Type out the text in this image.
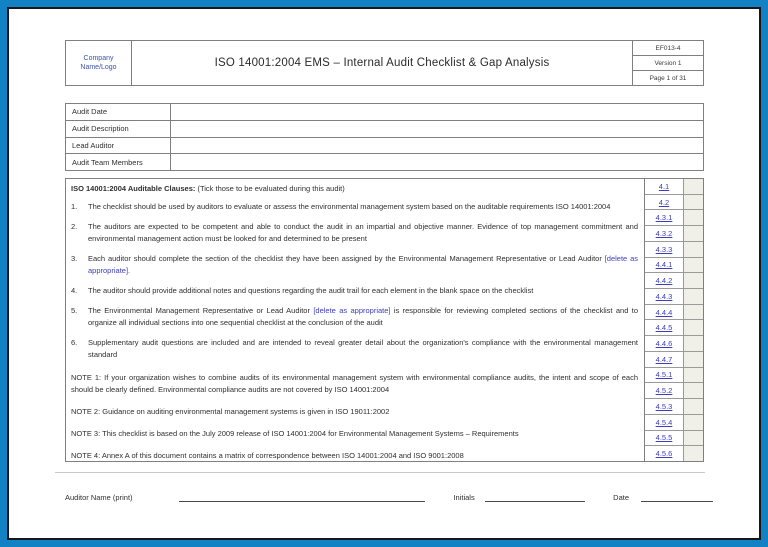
Company Name/Logo	ISO 14001:2004 EMS – Internal Audit Checklist & Gap Analysis
EF013-4
Version 1
Page 1 of 31
Audit Date
Audit Description
Lead Auditor
Audit Team Members
ISO 14001:2004 Auditable Clauses: (Tick those to be evaluated during this audit)
1.	The checklist should be used by auditors to evaluate or assess the environmental management system based on the auditable requirements ISO 14001:2004
2.	The auditors are expected to be competent and able to conduct the audit in an impartial and objective manner. Evidence of top management commitment and environmental management action must be looked for and determined to be present
3.	Each auditor should complete the section of the checklist they have been assigned by the Environmental Management Representative or Lead Auditor [delete as appropriate].
4.	The auditor should provide additional notes and questions regarding the audit trail for each element in the blank space on the checklist
5.	The Environmental Management Representative or Lead Auditor [delete as appropriate] is responsible for reviewing completed sections of the checklist and to organize all individual sections into one sequential checklist at the conclusion of the audit
6.	Supplementary audit questions are included and are intended to reveal greater detail about the organization's compliance with the environmental management standard
NOTE 1: If your organization wishes to combine audits of its environmental management system with environmental compliance audits, the intent and scope of each should be clearly defined. Environmental compliance audits are not covered by ISO 14001:2004
NOTE 2: Guidance on auditing environmental management systems is given in ISO 19011:2002
NOTE 3: This checklist is based on the July 2009 release of ISO 14001:2004 for Environmental Management Systems – Requirements
NOTE 4: Annex A of this document contains a matrix of correspondence between ISO 14001:2004 and ISO 9001:2008
4.1
4.2
4.3.1
4.3.2
4.3.3
4.4.1
4.4.2
4.4.3
4.4.4
4.4.5
4.4.6
4.4.7
4.5.1
4.5.2
4.5.3
4.5.4
4.5.5
4.5.6
Auditor Name (print)	Initials	Date
